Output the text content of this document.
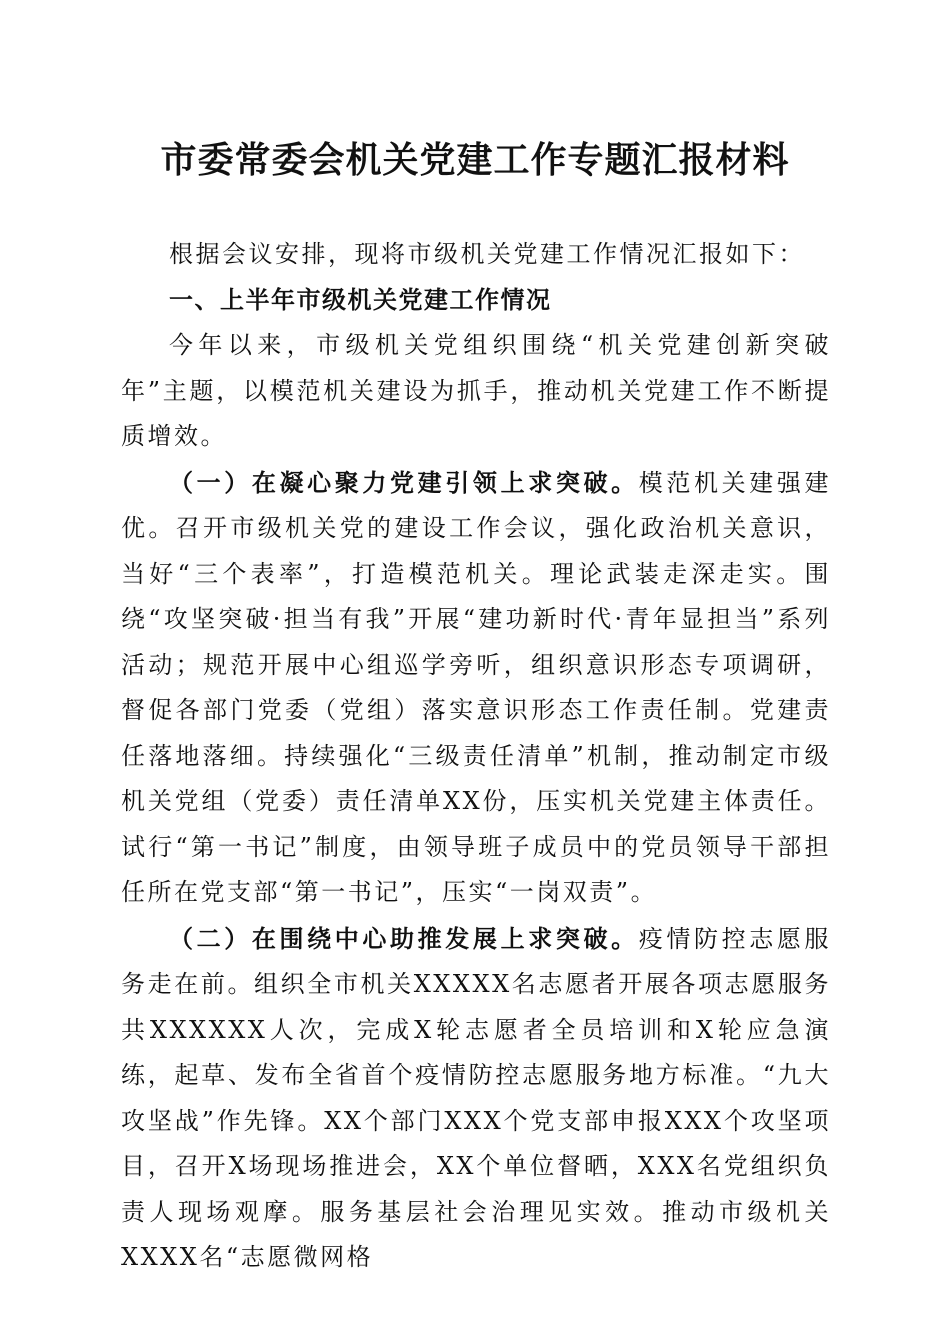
市委常委会机关党建工作专题汇报材料

根据会议安排，现将市级机关党建工作情况汇报如下：

一、上半年市级机关党建工作情况

今年以来，市级机关党组织围绕“机关党建创新突破年”主题，以模范机关建设为抓手，推动机关党建工作不断提质增效。

（一）在凝心聚力党建引领上求突破。模范机关建强建优。召开市级机关党的建设工作会议，强化政治机关意识，当好“三个表率”，打造模范机关。理论武装走深走实。围绕“攻坚突破·担当有我”开展“建功新时代·青年显担当”系列活动；规范开展中心组巡学旁听，组织意识形态专项调研，督促各部门党委（党组）落实意识形态工作责任制。党建责任落地落细。持续强化“三级责任清单”机制，推动制定市级机关党组（党委）责任清单XX份，压实机关党建主体责任。试行“第一书记”制度，由领导班子成员中的党员领导干部担任所在党支部“第一书记”，压实“一岗双责”。

（二）在围绕中心助推发展上求突破。疫情防控志愿服务走在前。组织全市机关XXXXX名志愿者开展各项志愿服务共XXXXXX人次，完成X轮志愿者全员培训和X轮应急演练，起草、发布全省首个疫情防控志愿服务地方标准。“九大攻坚战”作先锋。XX个部门XXX个党支部申报XXX个攻坚项目，召开X场现场推进会，XX个单位督晒，XXX名党组织负责人现场观摩。服务基层社会治理见实效。推动市级机关XXXX名“志愿微网格
